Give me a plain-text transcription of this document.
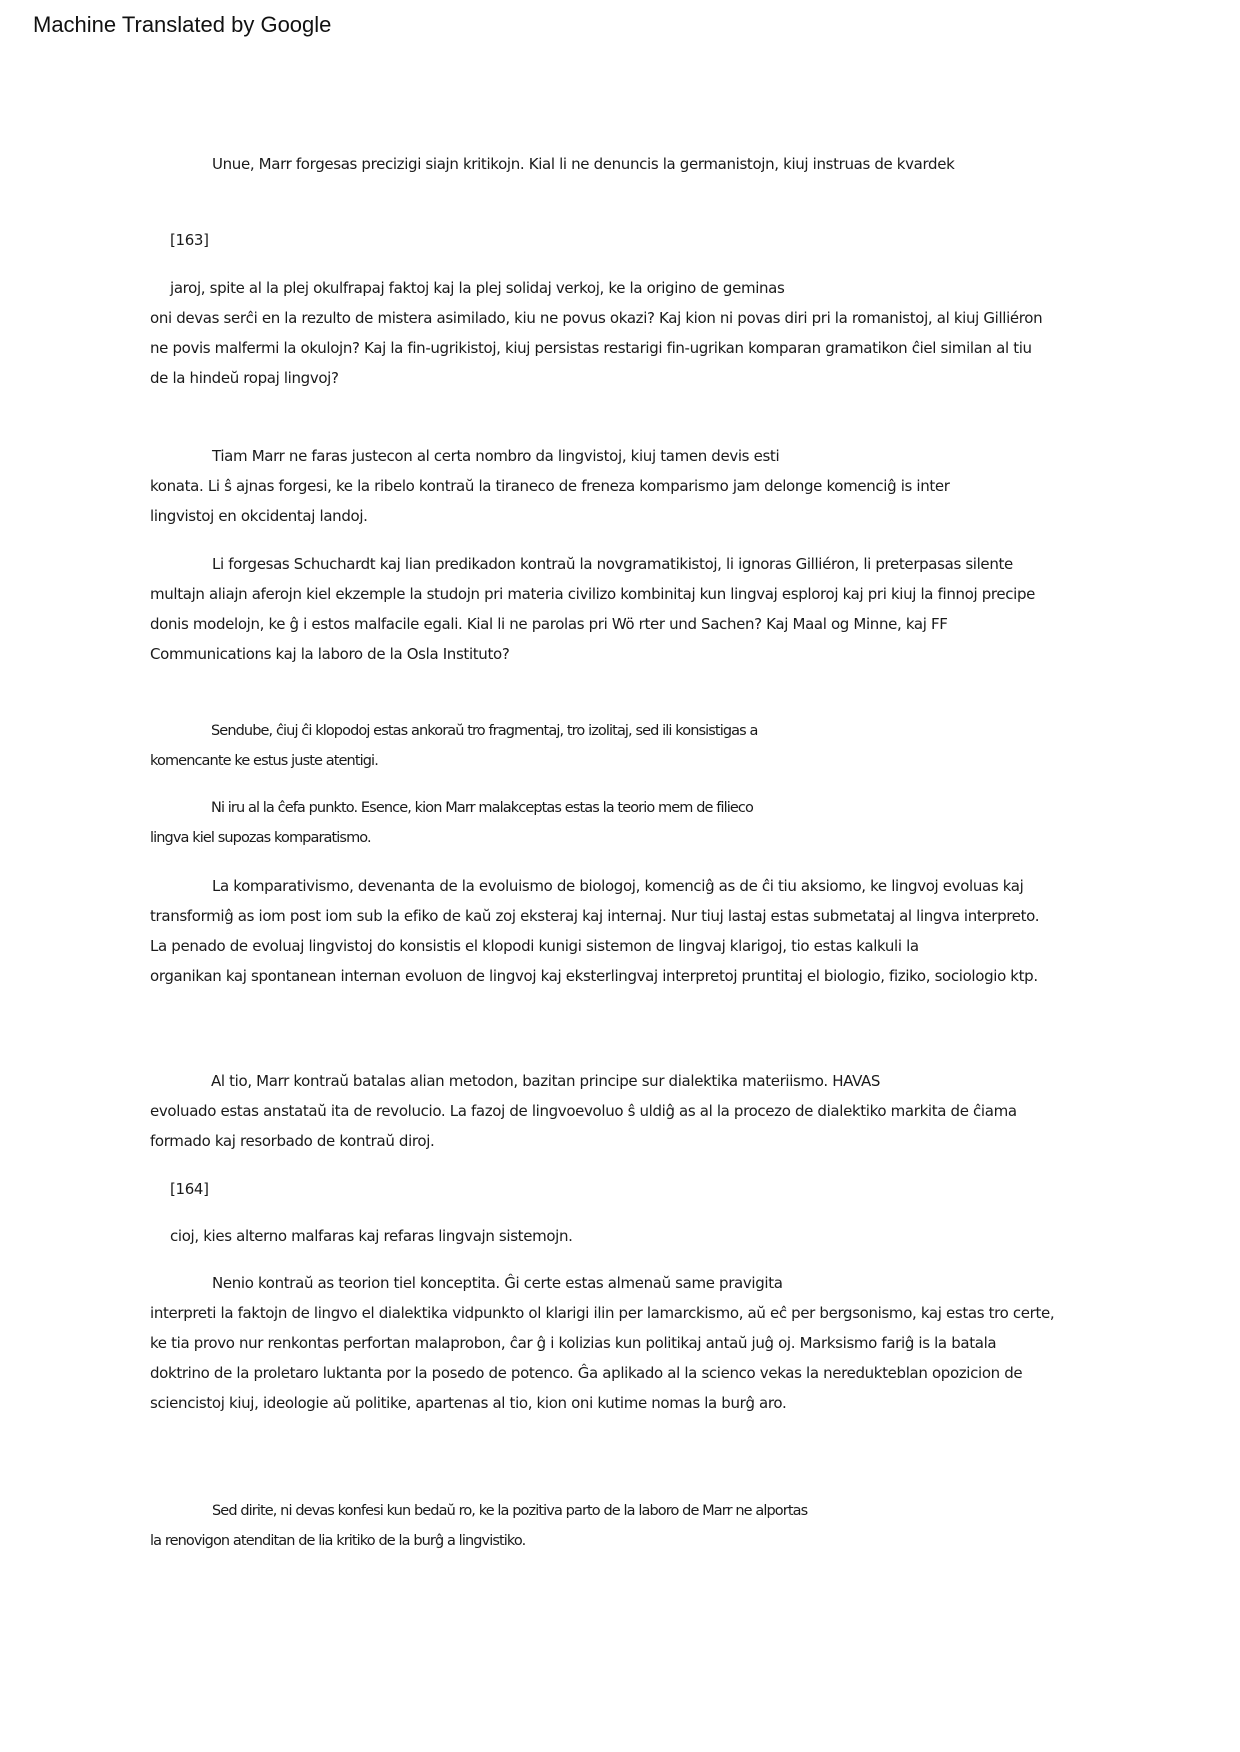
Machine Translated by Google
Unue, Marr forgesas precizigi siajn kritikojn. Kial li ne denuncis la germanistojn, kiuj instruas de kvardek
[163]
jaroj, spite al la plej okulfrapaj faktoj kaj la plej solidaj verkoj, ke la origino de geminas
oni devas serĉi en la rezulto de mistera asimilado, kiu ne povus okazi? Kaj kion ni povas diri pri la romanistoj, al kiuj Gilliéron
ne povis malfermi la okulojn? Kaj la fin-ugrikistoj, kiuj persistas restarigi fin-ugrikan komparan gramatikon ĉiel similan al tiu
de la hindeŭ ropaj lingvoj?
Tiam Marr ne faras justecon al certa nombro da lingvistoj, kiuj tamen devis esti
konata. Li ŝ ajnas forgesi, ke la ribelo kontraŭ la tiraneco de freneza komparismo jam delonge komenciĝ is inter
lingvistoj en okcidentaj landoj.
Li forgesas Schuchardt kaj lian predikadon kontraŭ la novgramatikistoj, li ignoras Gilliéron, li preterpasas silente
multajn aliajn aferojn kiel ekzemple la studojn pri materia civilizo kombinitaj kun lingvaj esploroj kaj pri kiuj la finnoj precipe
donis modelojn, ke ĝ i estos malfacile egali. Kial li ne parolas pri Wö rter und Sachen? Kaj Maal og Minne, kaj FF
Communications kaj la laboro de la Osla Instituto?
Sendube, ĉiuj ĉi klopodoj estas ankoraŭ tro fragmentaj, tro izolitaj, sed ili konsistigas a
komencante ke estus juste atentigi.
Ni iru al la ĉefa punkto. Esence, kion Marr malakceptas estas la teorio mem de filieco
lingva kiel supozas komparatismo.
La komparativismo, devenanta de la evoluismo de biologoj, komenciĝ as de ĉi tiu aksiomo, ke lingvoj evoluas kaj
transformiĝ as iom post iom sub la efiko de kaŭ zoj eksteraj kaj internaj. Nur tiuj lastaj estas submetataj al lingva interpreto.
La penado de evoluaj lingvistoj do konsistis el klopodi kunigi sistemon de lingvaj klarigoj, tio estas kalkuli la
organikan kaj spontanean internan evoluon de lingvoj kaj eksterlingvaj interpretoj pruntitaj el biologio, fiziko, sociologio ktp.
Al tio, Marr kontraŭ batalas alian metodon, bazitan principe sur dialektika materiismo. HAVAS
evoluado estas anstataŭ ita de revolucio. La fazoj de lingvoevoluo ŝ uldiĝ as al la procezo de dialektiko markita de ĉiama
formado kaj resorbado de kontraŭ diroj.
[164]
cioj, kies alterno malfaras kaj refaras lingvajn sistemojn.
Nenio kontraŭ as teorion tiel konceptita. Ĝi certe estas almenaŭ same pravigita
interpreti la faktojn de lingvo el dialektika vidpunkto ol klarigi ilin per lamarckismo, aŭ eĉ per bergsonismo, kaj estas tro certe,
ke tia provo nur renkontas perfortan malaprobon, ĉar ĝ i kolizias kun politikaj antaŭ juĝ oj. Marksismo fariĝ is la batala
doktrino de la proletaro luktanta por la posedo de potenco. Ĝa aplikado al la scienco vekas la neredukteblan opozicion de
sciencistoj kiuj, ideologie aŭ politike, apartenas al tio, kion oni kutime nomas la burĝ aro.
Sed dirite, ni devas konfesi kun bedaŭ ro, ke la pozitiva parto de la laboro de Marr ne alportas
la renovigon atenditan de lia kritiko de la burĝ a lingvistiko.
